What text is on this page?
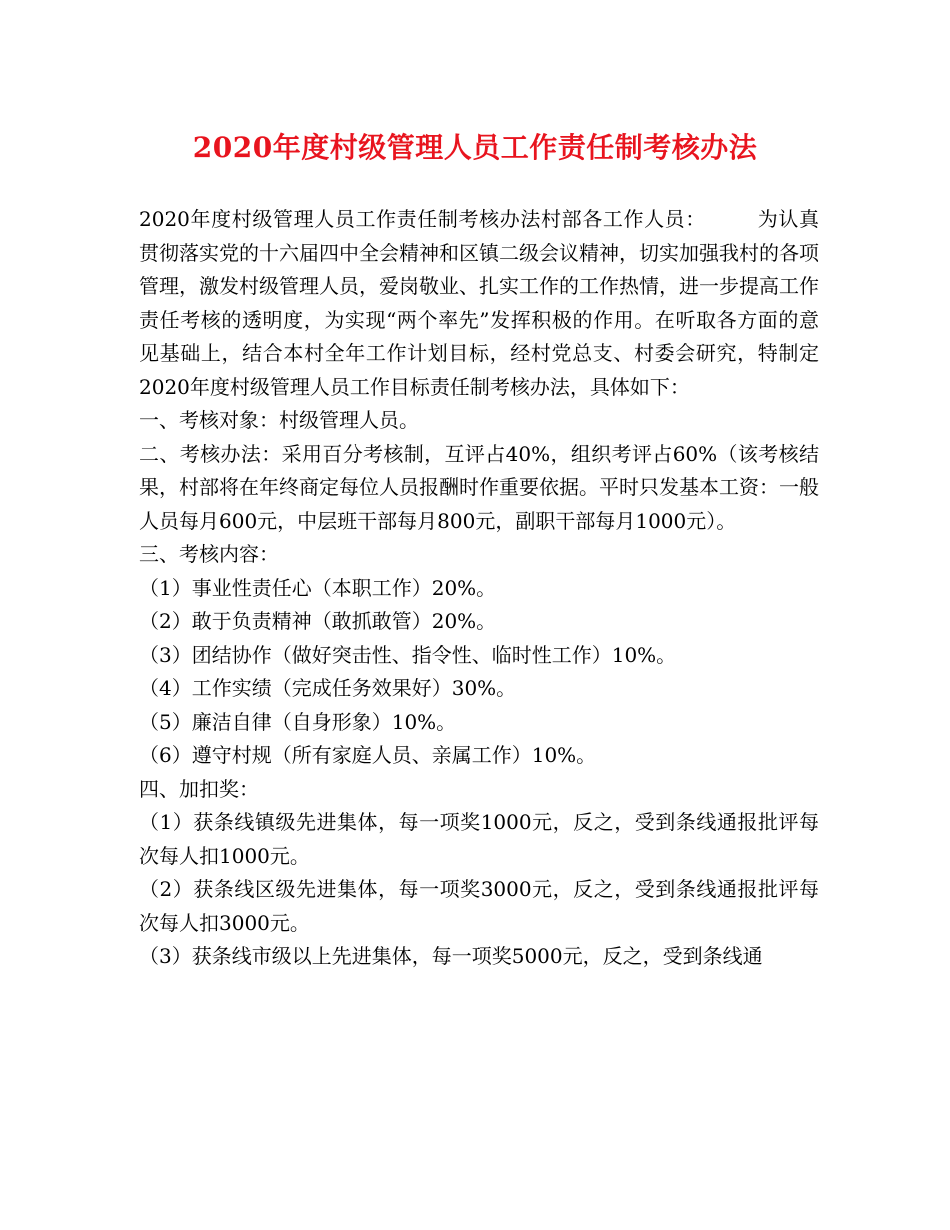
2020年度村级管理人员工作责任制考核办法

2020年度村级管理人员工作责任制考核办法村部各工作人员：　　　为认真贯彻落实党的十六届四中全会精神和区镇二级会议精神，切实加强我村的各项管理，激发村级管理人员，爱岗敬业、扎实工作的工作热情，进一步提高工作责任考核的透明度，为实现“两个率先”发挥积极的作用。在听取各方面的意见基础上，结合本村全年工作计划目标，经村党总支、村委会研究，特制定2020年度村级管理人员工作目标责任制考核办法，具体如下：

一、考核对象：村级管理人员。

二、考核办法：采用百分考核制，互评占40%，组织考评占60%（该考核结果，村部将在年终商定每位人员报酬时作重要依据。平时只发基本工资：一般人员每月600元，中层班干部每月800元，副职干部每月1000元）。

三、考核内容：

（1）事业性责任心（本职工作）20%。

（2）敢于负责精神（敢抓敢管）20%。

（3）团结协作（做好突击性、指令性、临时性工作）10%。

（4）工作实绩（完成任务效果好）30%。

（5）廉洁自律（自身形象）10%。

（6）遵守村规（所有家庭人员、亲属工作）10%。

四、加扣奖：

（1）获条线镇级先进集体，每一项奖1000元，反之，受到条线通报批评每次每人扣1000元。

（2）获条线区级先进集体，每一项奖3000元，反之，受到条线通报批评每次每人扣3000元。

（3）获条线市级以上先进集体，每一项奖5000元，反之，受到条线通
